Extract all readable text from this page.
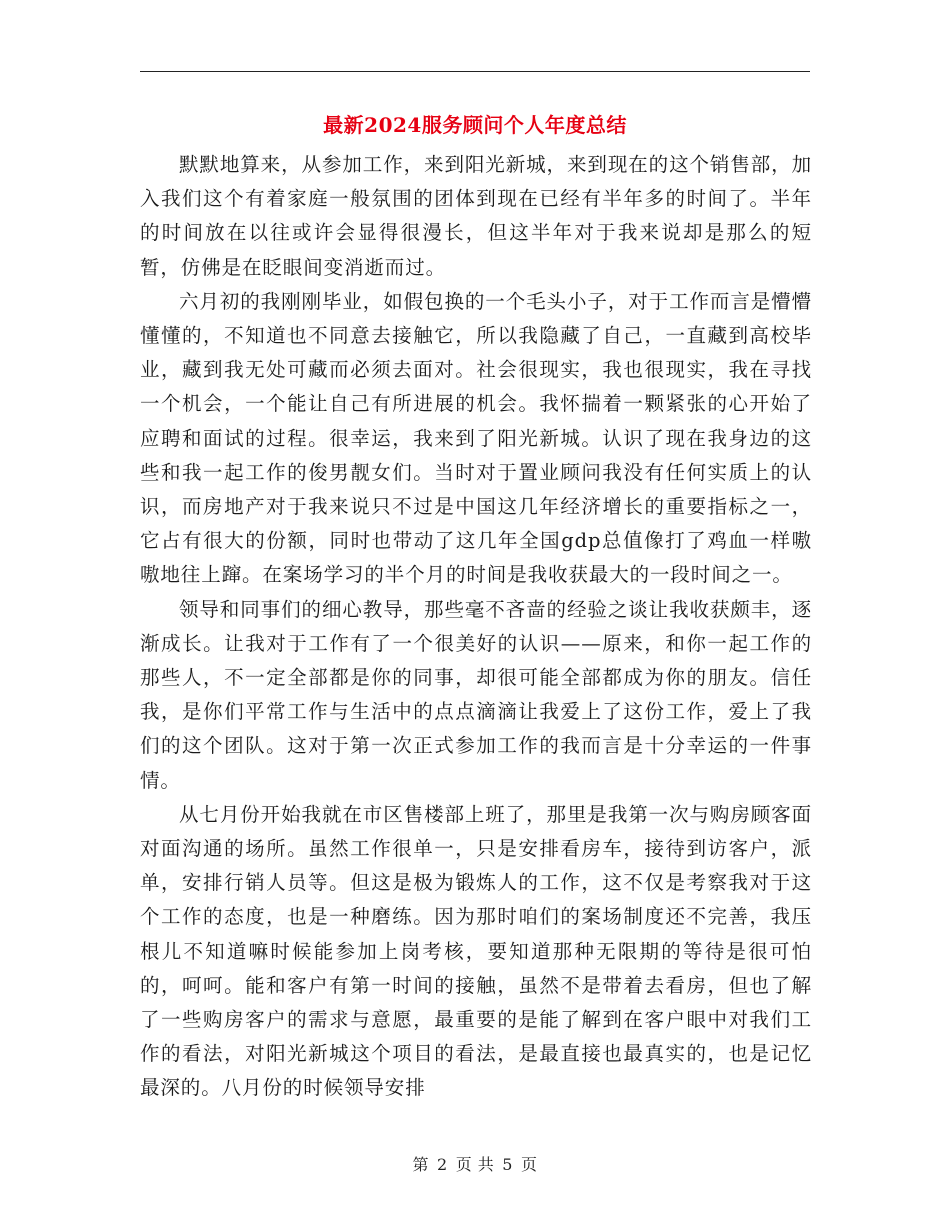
最新2024服务顾问个人年度总结

默默地算来，从参加工作，来到阳光新城，来到现在的这个销售部，加入我们这个有着家庭一般氛围的团体到现在已经有半年多的时间了。半年的时间放在以往或许会显得很漫长，但这半年对于我来说却是那么的短暂，仿佛是在眨眼间变消逝而过。

六月初的我刚刚毕业，如假包换的一个毛头小子，对于工作而言是懵懵懂懂的，不知道也不同意去接触它，所以我隐藏了自己，一直藏到高校毕业，藏到我无处可藏而必须去面对。社会很现实，我也很现实，我在寻找一个机会，一个能让自己有所进展的机会。我怀揣着一颗紧张的心开始了应聘和面试的过程。很幸运，我来到了阳光新城。认识了现在我身边的这些和我一起工作的俊男靓女们。当时对于置业顾问我没有任何实质上的认识，而房地产对于我来说只不过是中国这几年经济增长的重要指标之一，它占有很大的份额，同时也带动了这几年全国gdp总值像打了鸡血一样嗷嗷地往上蹿。在案场学习的半个月的时间是我收获最大的一段时间之一。

领导和同事们的细心教导，那些毫不吝啬的经验之谈让我收获颇丰，逐渐成长。让我对于工作有了一个很美好的认识——原来，和你一起工作的那些人，不一定全部都是你的同事，却很可能全部都成为你的朋友。信任我，是你们平常工作与生活中的点点滴滴让我爱上了这份工作，爱上了我们的这个团队。这对于第一次正式参加工作的我而言是十分幸运的一件事情。

从七月份开始我就在市区售楼部上班了，那里是我第一次与购房顾客面对面沟通的场所。虽然工作很单一，只是安排看房车，接待到访客户，派单，安排行销人员等。但这是极为锻炼人的工作，这不仅是考察我对于这个工作的态度，也是一种磨练。因为那时咱们的案场制度还不完善，我压根儿不知道嘛时候能参加上岗考核，要知道那种无限期的等待是很可怕的，呵呵。能和客户有第一时间的接触，虽然不是带着去看房，但也了解了一些购房客户的需求与意愿，最重要的是能了解到在客户眼中对我们工作的看法，对阳光新城这个项目的看法，是最直接也最真实的，也是记忆最深的。八月份的时候领导安排

第 2 页 共 5 页
